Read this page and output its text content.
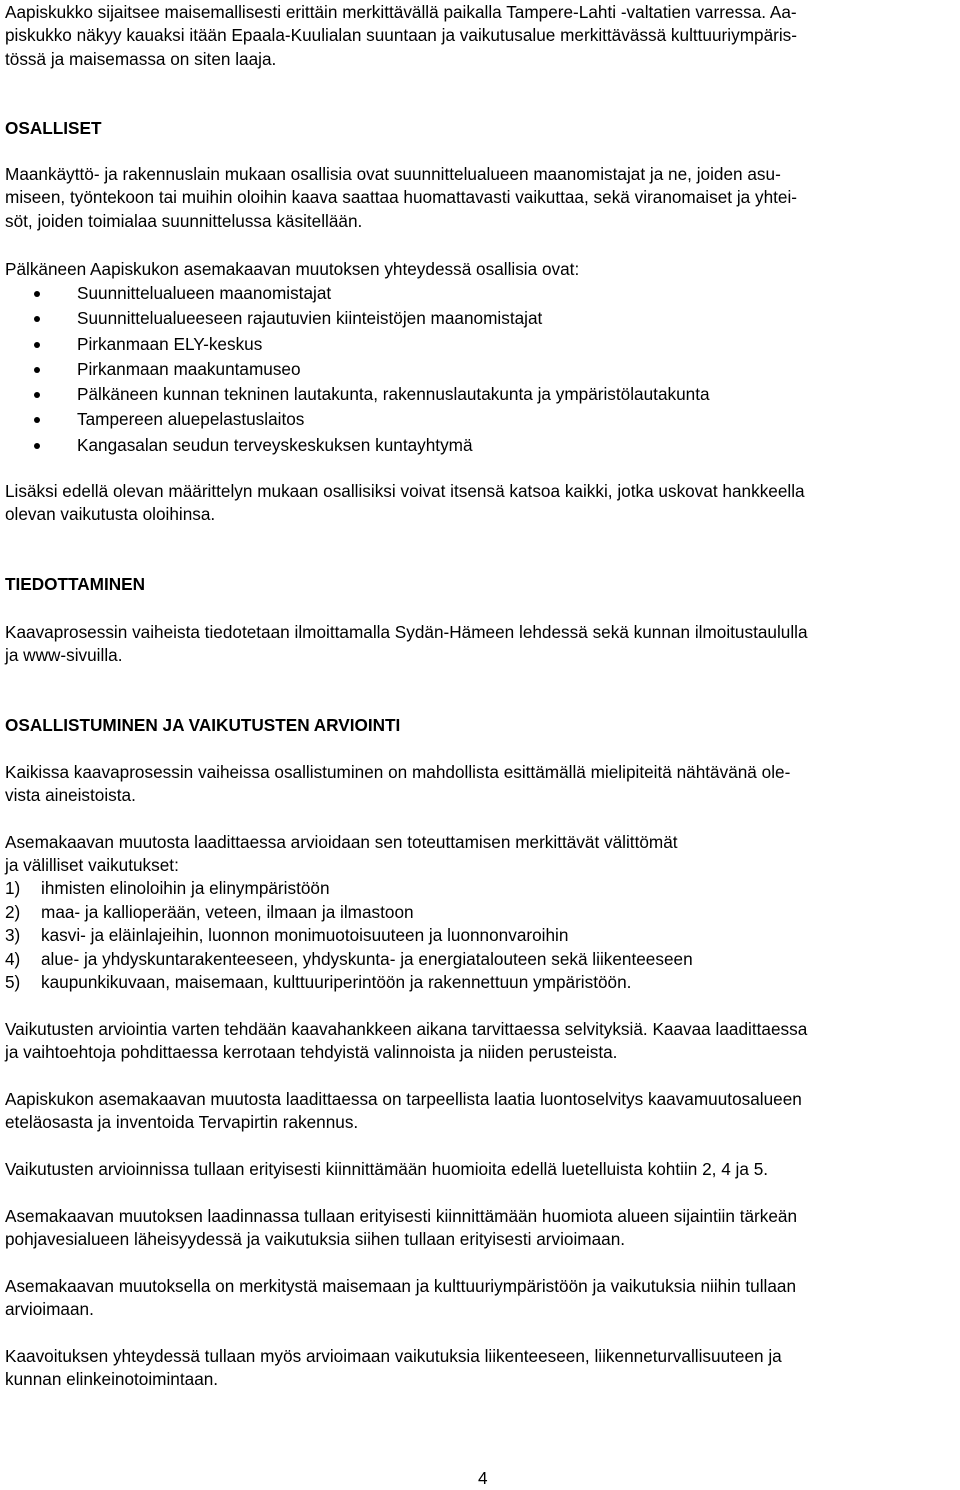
Aapiskukko sijaitsee maisemallisesti erittäin merkittävällä paikalla Tampere-Lahti -valtatien varressa. Aa-
piskukko näkyy kauaksi itään Epaala-Kuulialan suuntaan ja vaikutusalue merkittävässä kulttuuriympäris-
tössä ja maisemassa on siten laaja.

OSALLISET

Maankäyttö- ja rakennuslain mukaan osallisia ovat suunnittelualueen maanomistajat ja ne, joiden asu-
miseen, työntekoon tai muihin oloihin kaava saattaa huomattavasti vaikuttaa, sekä viranomaiset ja yhtei-
söt, joiden toimialaa suunnittelussa käsitellään.

Pälkäneen Aapiskukon asemakaavan muutoksen yhteydessä osallisia ovat:

Suunnittelualueen maanomistajat
Suunnittelualueeseen rajautuvien kiinteistöjen maanomistajat
Pirkanmaan ELY-keskus
Pirkanmaan maakuntamuseo
Pälkäneen kunnan tekninen lautakunta, rakennuslautakunta ja ympäristölautakunta
Tampereen aluepelastuslaitos
Kangasalan seudun terveyskeskuksen kuntayhtymä

Lisäksi edellä olevan määrittelyn mukaan osallisiksi voivat itsensä katsoa kaikki, jotka uskovat hankkeella
olevan vaikutusta oloihinsa.

TIEDOTTAMINEN

Kaavaprosessin vaiheista tiedotetaan ilmoittamalla Sydän-Hämeen lehdessä sekä kunnan ilmoitustaululla
ja www-sivuilla.

OSALLISTUMINEN JA VAIKUTUSTEN ARVIOINTI

Kaikissa kaavaprosessin vaiheissa osallistuminen on mahdollista esittämällä mielipiteitä nähtävänä ole-
vista aineistoista.

Asemakaavan muutosta laadittaessa arvioidaan sen toteuttamisen merkittävät välittömät
ja välilliset vaikutukset:

1) ihmisten elinoloihin ja elinympäristöön
2) maa- ja kallioperään, veteen, ilmaan ja ilmastoon
3) kasvi- ja eläinlajeihin, luonnon monimuotoisuuteen ja luonnonvaroihin
4) alue- ja yhdyskuntarakenteeseen, yhdyskunta- ja energiatalouteen sekä liikenteeseen
5) kaupunkikuvaan, maisemaan, kulttuuriperintöön ja rakennettuun ympäristöön.

Vaikutusten arviointia varten tehdään kaavahankkeen aikana tarvittaessa selvityksiä. Kaavaa laadittaessa
ja vaihtoehtoja pohdittaessa kerrotaan tehdyistä valinnoista ja niiden perusteista.

Aapiskukon asemakaavan muutosta laadittaessa on tarpeellista laatia luontoselvitys kaavamuutosalueen
eteläosasta ja inventoida Tervapirtin rakennus.

Vaikutusten arvioinnissa tullaan erityisesti kiinnittämään huomioita edellä luetelluista kohtiin 2, 4 ja 5.

Asemakaavan muutoksen laadinnassa tullaan erityisesti kiinnittämään huomiota alueen sijaintiin tärkeän
pohjavesialueen läheisyydessä ja vaikutuksia siihen tullaan erityisesti arvioimaan.

Asemakaavan muutoksella on merkitystä maisemaan ja kulttuuriympäristöön ja vaikutuksia niihin tullaan
arvioimaan.

Kaavoituksen yhteydessä tullaan myös arvioimaan vaikutuksia liikenteeseen, liikenneturvallisuuteen ja
kunnan elinkeinotoimintaan.

4
